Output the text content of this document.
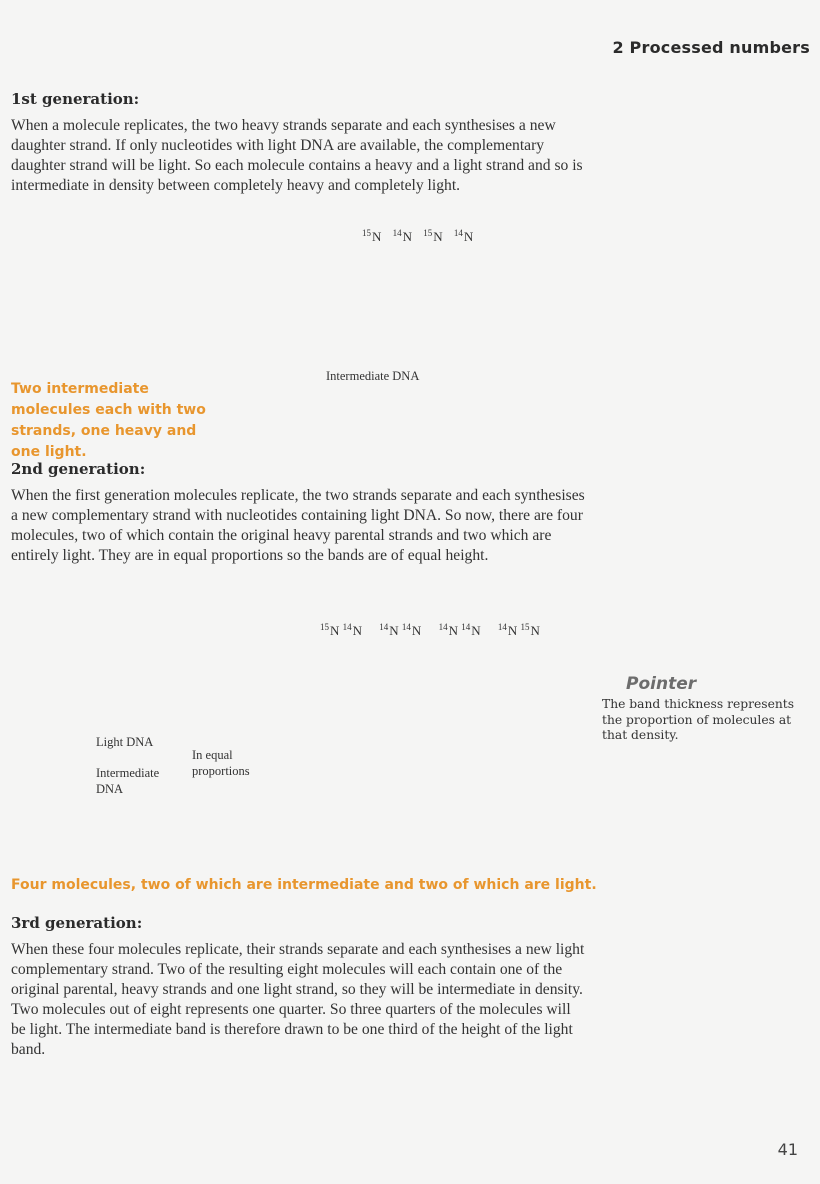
2 Processed numbers
1st generation:
When a molecule replicates, the two heavy strands separate and each synthesises a new daughter strand. If only nucleotides with light DNA are available, the complementary daughter strand will be light. So each molecule contains a heavy and a light strand and so is intermediate in density between completely heavy and completely light.
$^{15}$N $^{14}$N $^{15}$N $^{14}$N
Intermediate DNA
Two intermediate molecules each with two strands, one heavy and one light.
2nd generation:
When the first generation molecules replicate, the two strands separate and each synthesises a new complementary strand with nucleotides containing light DNA. So now, there are four molecules, two of which contain the original heavy parental strands and two which are entirely light. They are in equal proportions so the bands are of equal height.
$^{15}$N $^{14}$N $^{14}$N $^{14}$N $^{14}$N $^{14}$N $^{14}$N $^{15}$N
Light DNA
Intermediate DNA
In equal proportions
Pointer
The band thickness represents the proportion of molecules at that density.
Four molecules, two of which are intermediate and two of which are light.
3rd generation:
When these four molecules replicate, their strands separate and each synthesises a new light complementary strand. Two of the resulting eight molecules will each contain one of the original parental, heavy strands and one light strand, so they will be intermediate in density. Two molecules out of eight represents one quarter. So three quarters of the molecules will be light. The intermediate band is therefore drawn to be one third of the height of the light band.
41
